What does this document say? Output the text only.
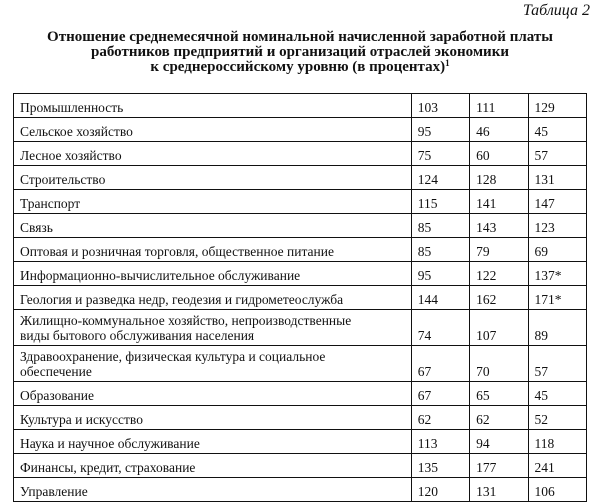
Таблица 2
Отношение среднемесячной номинальной начисленной заработной платы
работников предприятий и организаций отраслей экономики
к среднероссийскому уровню (в процентах)$^1$
Промышленность	103	111	129
Сельское хозяйство	95	46	45
Лесное хозяйство	75	60	57
Строительство	124	128	131
Транспорт	115	141	147
Связь	85	143	123
Оптовая и розничная торговля, общественное питание	85	79	69
Информационно-вычислительное обслуживание	95	122	137*
Геология и разведка недр, геодезия и гидрометеослужба	144	162	171*
Жилищно-коммунальное хозяйство, непроизводственные
виды бытового обслуживания населения	74	107	89
Здравоохранение, физическая культура и социальное
обеспечение	67	70	57
Образование	67	65	45
Культура и искусство	62	62	52
Наука и научное обслуживание	113	94	118
Финансы, кредит, страхование	135	177	241
Управление	120	131	106
